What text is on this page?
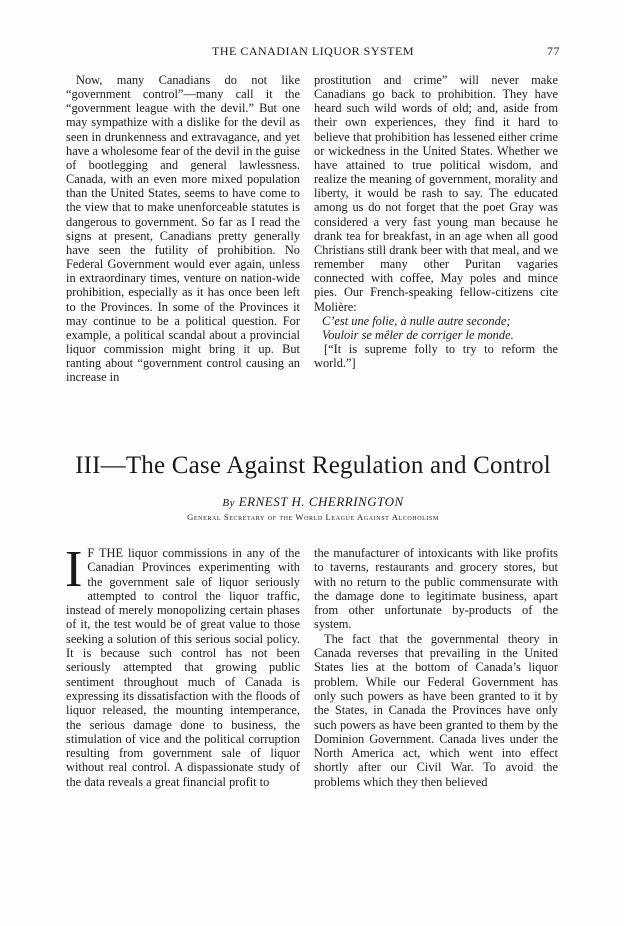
THE CANADIAN LIQUOR SYSTEM	77

Now, many Canadians do not like “government control”—many call it the “government league with the devil.” But one may sympathize with a dislike for the devil as seen in drunkenness and extravagance, and yet have a wholesome fear of the devil in the guise of bootlegging and general lawlessness. Canada, with an even more mixed population than the United States, seems to have come to the view that to make unenforceable statutes is dangerous to government. So far as I read the signs at present, Canadians pretty generally have seen the futility of prohibition. No Federal Government would ever again, unless in extraordinary times, venture on nation-wide prohibition, especially as it has once been left to the Provinces. In some of the Provinces it may continue to be a political question. For example, a political scandal about a provincial liquor commission might bring it up. But ranting about “government control causing an increase in

prostitution and crime” will never make Canadians go back to prohibition. They have heard such wild words of old; and, aside from their own experiences, they find it hard to believe that prohibition has lessened either crime or wickedness in the United States. Whether we have attained to true political wisdom, and realize the meaning of government, morality and liberty, it would be rash to say. The educated among us do not forget that the poet Gray was considered a very fast young man because he drank tea for breakfast, in an age when all good Christians still drank beer with that meal, and we remember many other Puritan vagaries connected with coffee, May poles and mince pies. Our French-speaking fellow-citizens cite Molière:

C’est une folie, à nulle autre seconde;

Vouloir se mêler de corriger le monde.

[“It is supreme folly to try to reform the world.”]

III—The Case Against Regulation and Control
By ERNEST H. CHERRINGTON
General Secretary of the World League Against Alcoholism

I F THE liquor commissions in any of the Canadian Provinces experimenting with the government sale of liquor seriously attempted to control the liquor traffic, instead of merely monopolizing certain phases of it, the test would be of great value to those seeking a solution of this serious social policy. It is because such control has not been seriously attempted that growing public sentiment throughout much of Canada is expressing its dissatisfaction with the floods of liquor released, the mounting intemperance, the serious damage done to business, the stimulation of vice and the political corruption resulting from government sale of liquor without real control. A dispassionate study of the data reveals a great financial profit to

the manufacturer of intoxicants with like profits to taverns, restaurants and grocery stores, but with no return to the public commensurate with the damage done to legitimate business, apart from other unfortunate by-products of the system.

The fact that the governmental theory in Canada reverses that prevailing in the United States lies at the bottom of Canada’s liquor problem. While our Federal Government has only such powers as have been granted to it by the States, in Canada the Provinces have only such powers as have been granted to them by the Dominion Government. Canada lives under the North America act, which went into effect shortly after our Civil War. To avoid the problems which they then believed
